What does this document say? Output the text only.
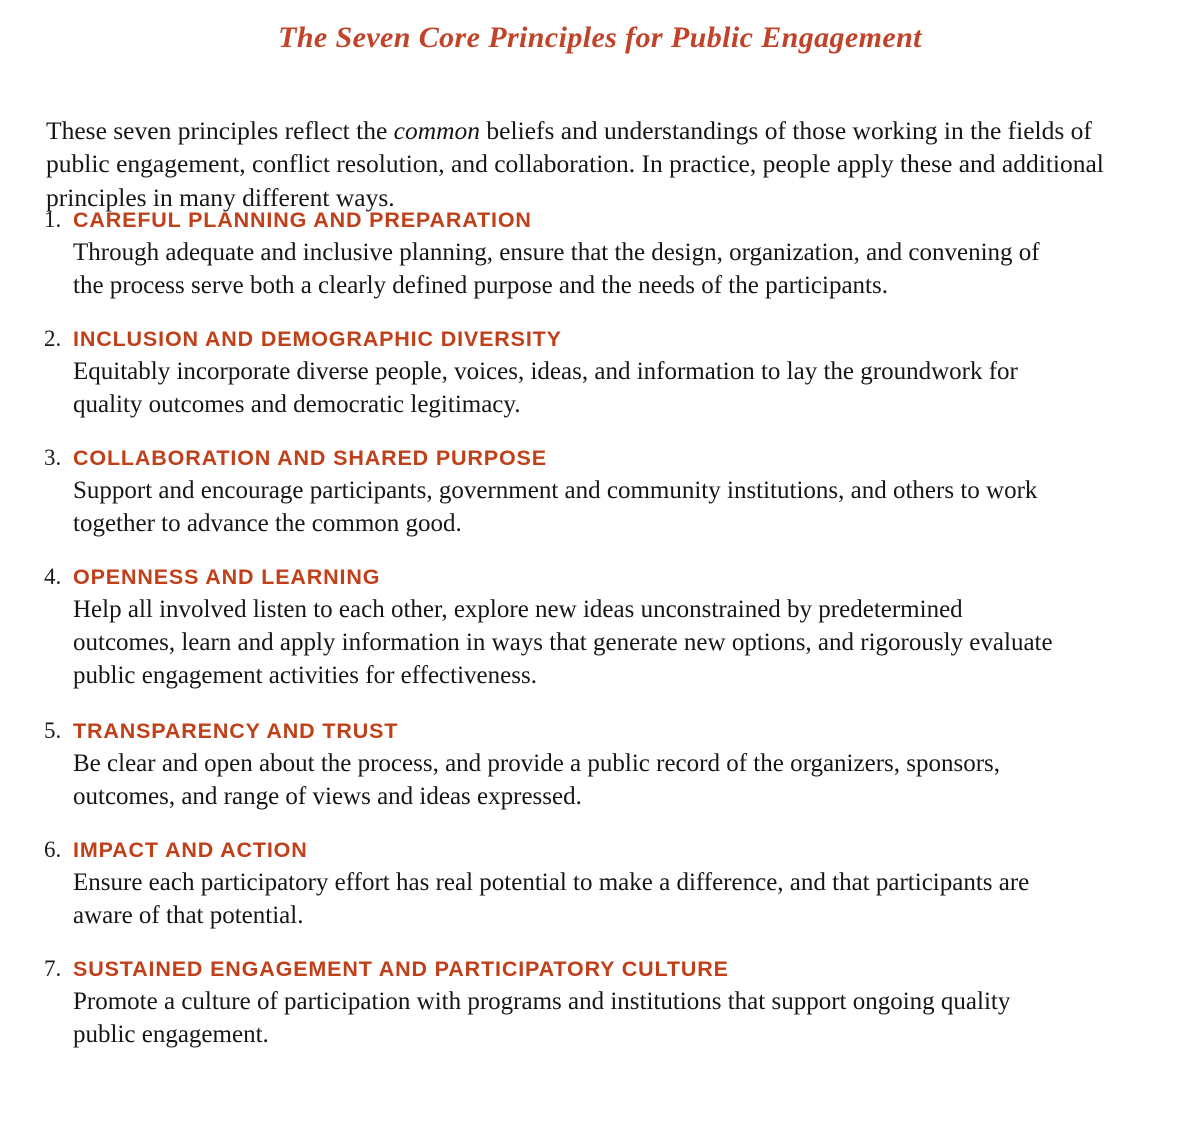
The Seven Core Principles for Public Engagement

These seven principles reflect the common beliefs and understandings of those working in the fields of public engagement, conflict resolution, and collaboration. In practice, people apply these and additional principles in many different ways.

1. CAREFUL PLANNING AND PREPARATION
Through adequate and inclusive planning, ensure that the design, organization, and convening of the process serve both a clearly defined purpose and the needs of the participants.
2. INCLUSION AND DEMOGRAPHIC DIVERSITY
Equitably incorporate diverse people, voices, ideas, and information to lay the groundwork for quality outcomes and democratic legitimacy.
3. COLLABORATION AND SHARED PURPOSE
Support and encourage participants, government and community institutions, and others to work together to advance the common good.
4. OPENNESS AND LEARNING
Help all involved listen to each other, explore new ideas unconstrained by predetermined outcomes, learn and apply information in ways that generate new options, and rigorously evaluate public engagement activities for effectiveness.
5. TRANSPARENCY AND TRUST
Be clear and open about the process, and provide a public record of the organizers, sponsors, outcomes, and range of views and ideas expressed.
6. IMPACT AND ACTION
Ensure each participatory effort has real potential to make a difference, and that participants are aware of that potential.
7. SUSTAINED ENGAGEMENT AND PARTICIPATORY CULTURE
Promote a culture of participation with programs and institutions that support ongoing quality public engagement.
